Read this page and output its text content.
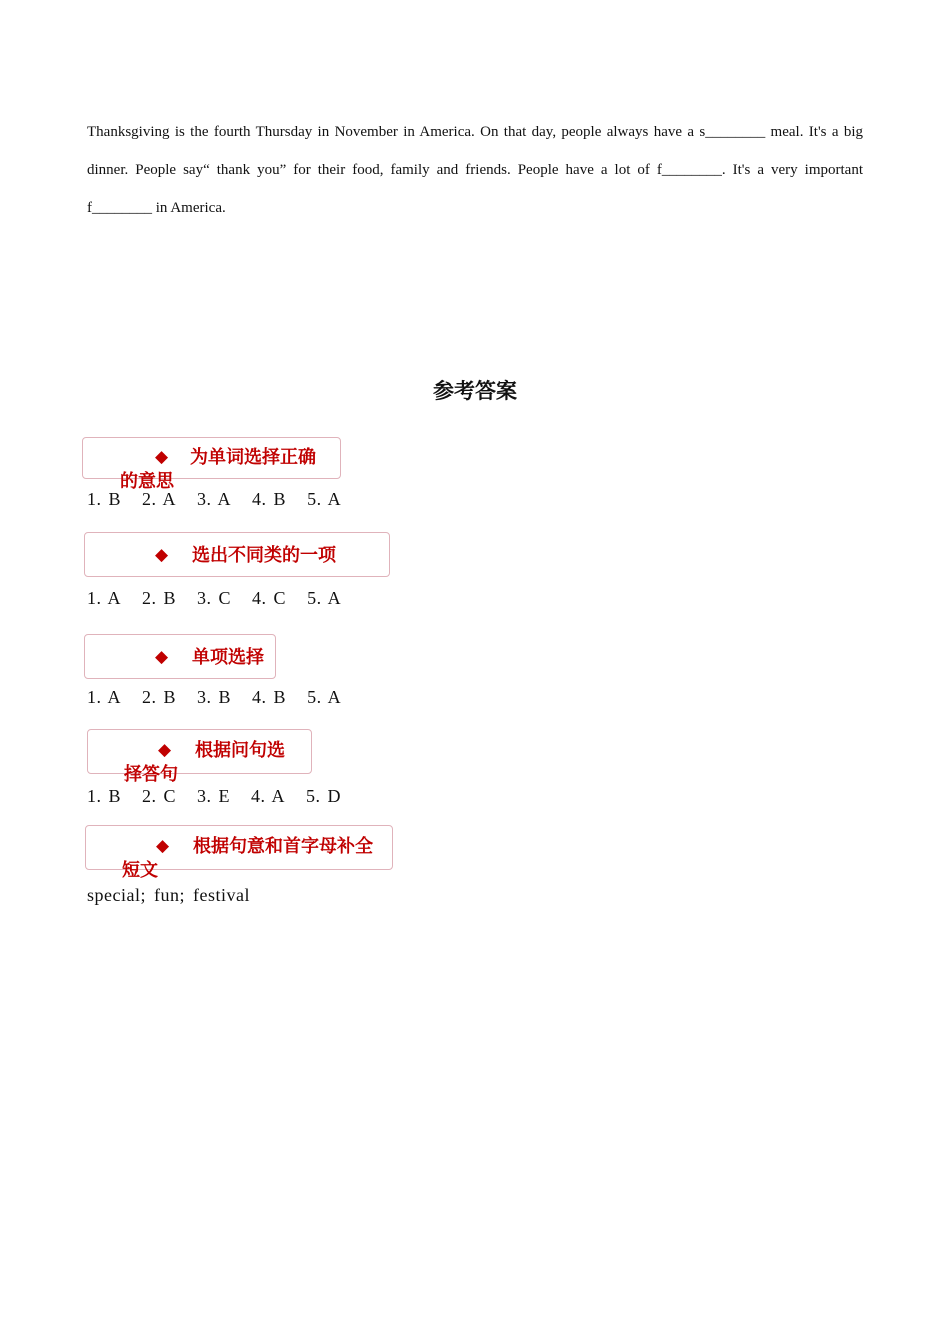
Thanksgiving is the fourth Thursday in November in America. On that day, people always have a s________ meal. It's a big dinner. People say“ thank you” for their food, family and friends. People have a lot of f________. It's a very important f________ in America.

参考答案
◆	为单词选择正确的意思
1. B 2. A 3. A 4. B 5. A
◆ 选出不同类的一项
1. A 2. B 3. C 4. C 5. A
◆ 单项选择
1. A 2. B 3. B 4. B 5. A
◆	根据问句选择答句
1. B 2. C 3. E 4. A 5. D
◆	根据句意和首字母补全短文
special; fun; festival
